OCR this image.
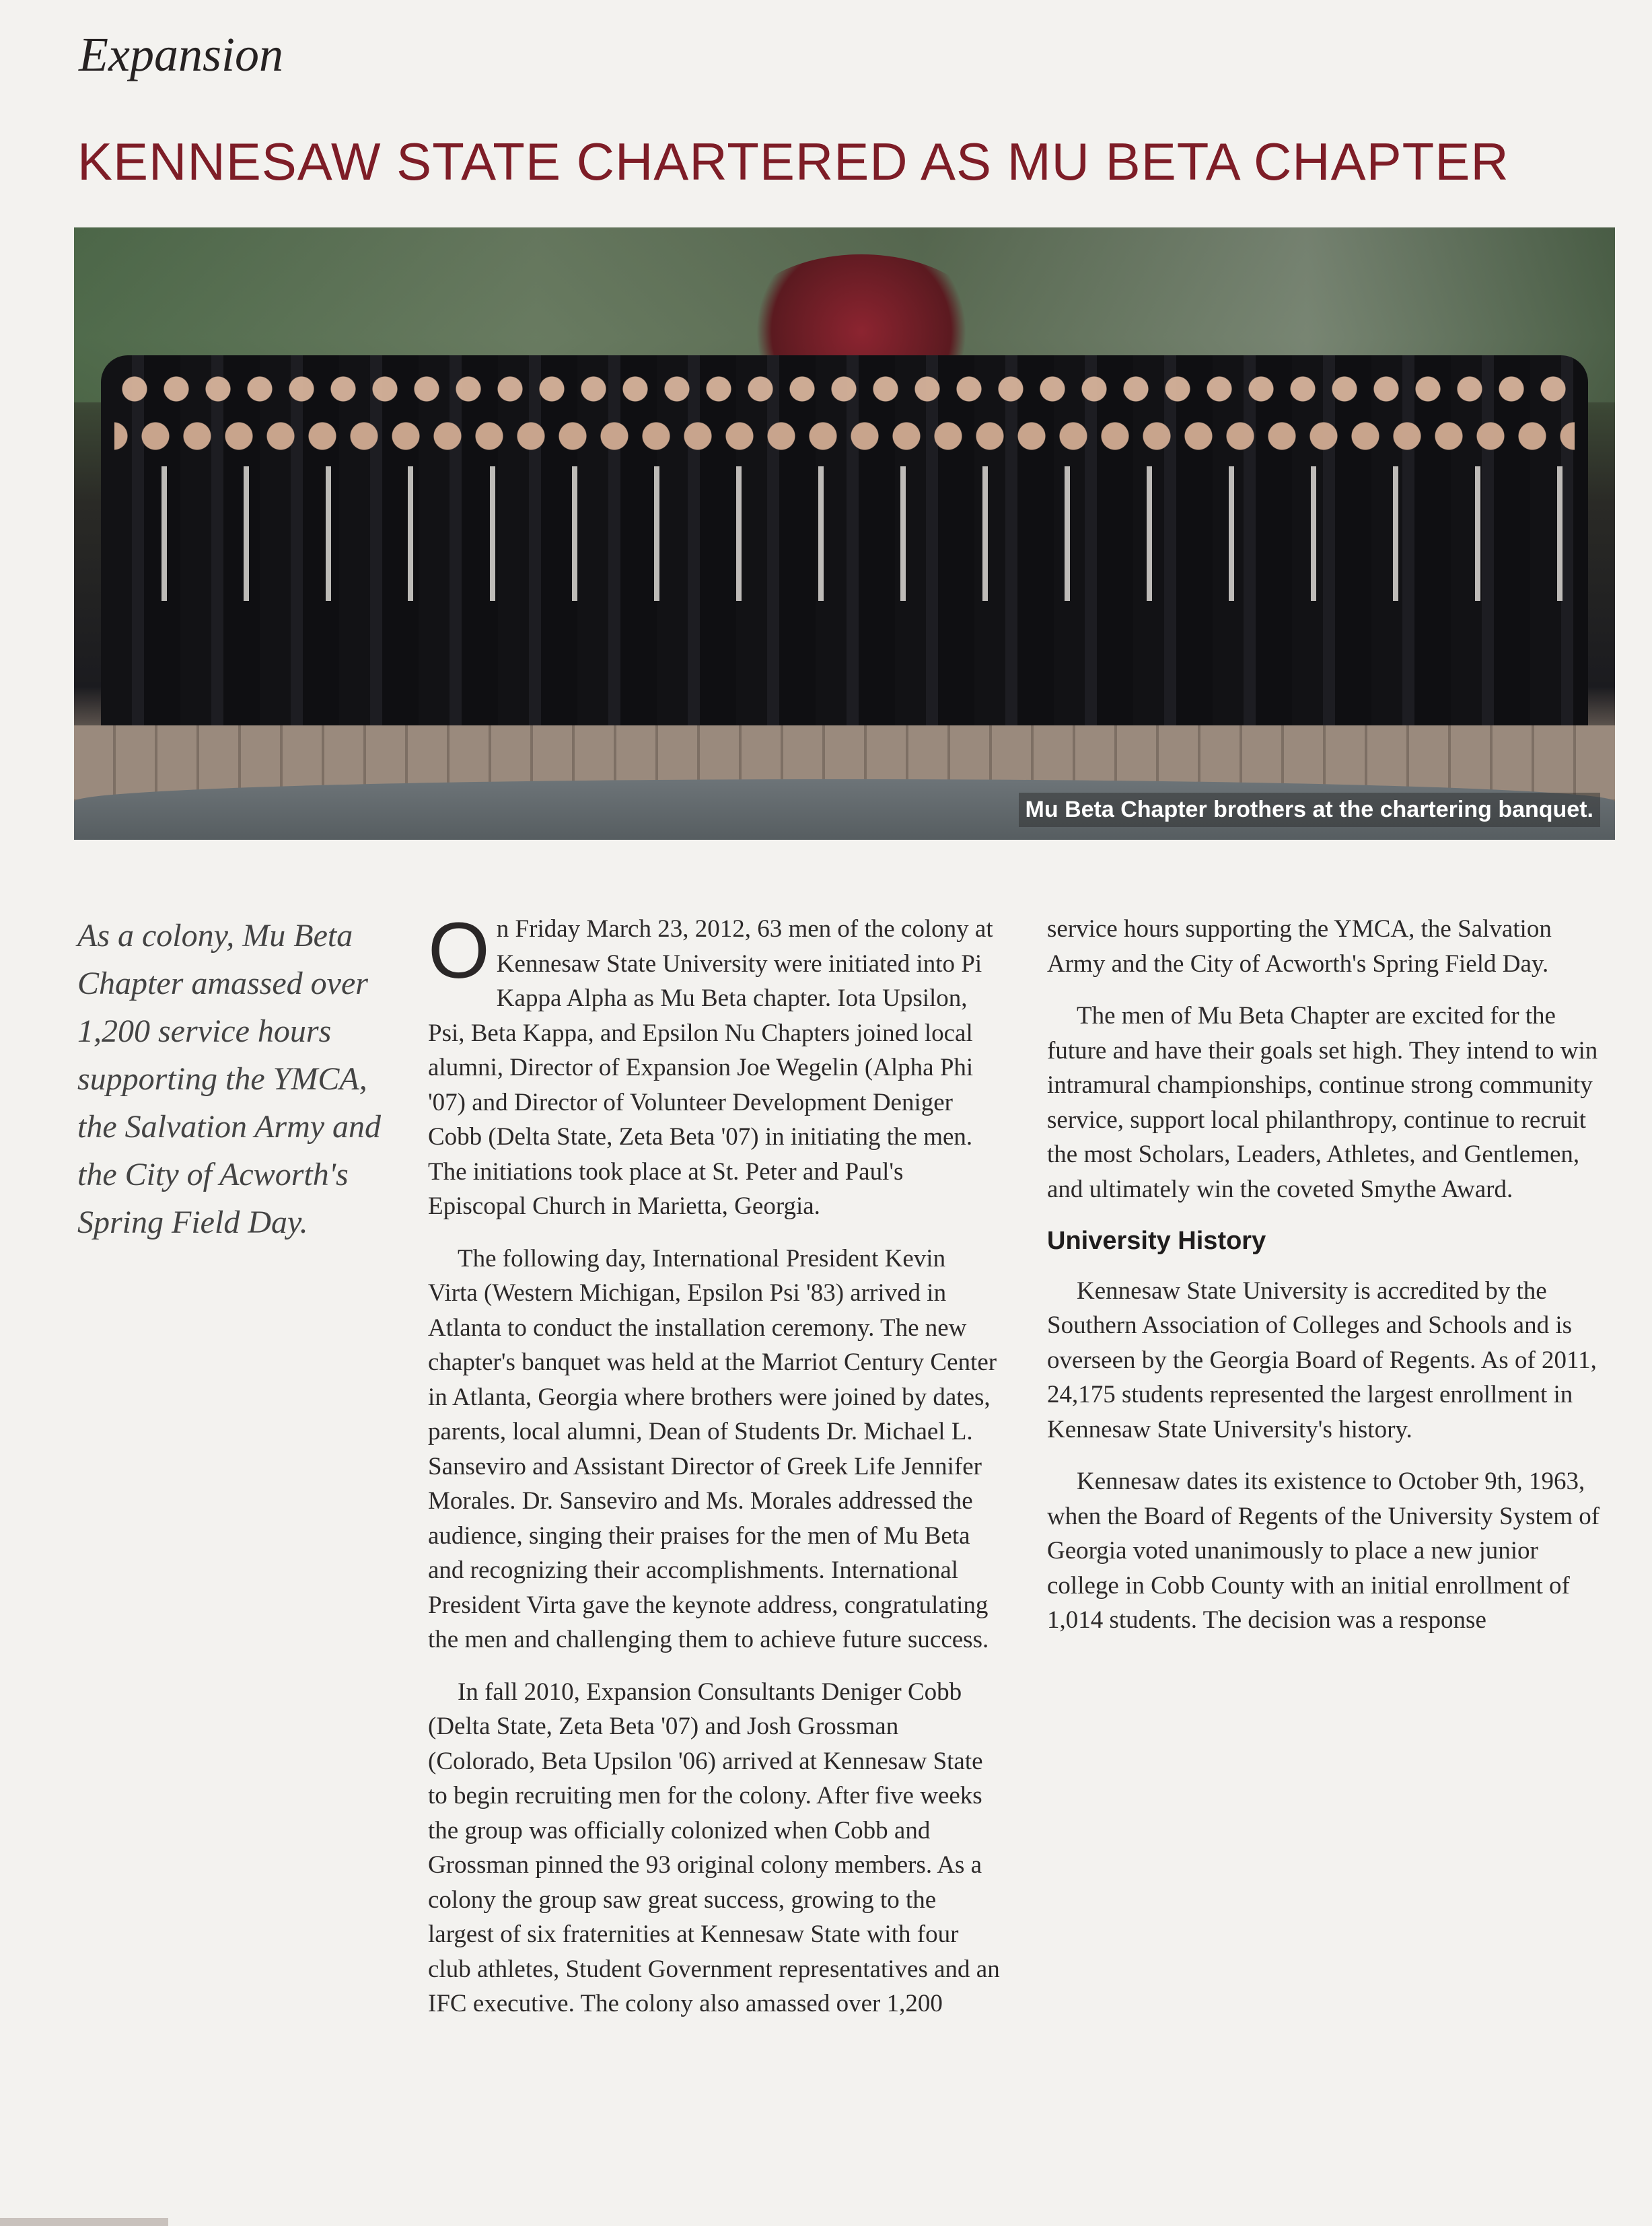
Expansion
KENNESAW STATE CHARTERED AS MU BETA CHAPTER
Mu Beta Chapter brothers at the chartering banquet.

As a colony, Mu Beta Chapter amassed over 1,200 service hours supporting the YMCA, the Salvation Army and the City of Acworth's Spring Field Day.

On Friday March 23, 2012, 63 men of the colony at Kennesaw State University were initiated into Pi Kappa Alpha as Mu Beta chapter. Iota Upsilon, Psi, Beta Kappa, and Epsilon Nu Chapters joined local alumni, Director of Expansion Joe Wegelin (Alpha Phi '07) and Director of Volunteer Development Deniger Cobb (Delta State, Zeta Beta '07) in initiating the men. The initiations took place at St. Peter and Paul's Episcopal Church in Marietta, Georgia.

The following day, International President Kevin Virta (Western Michigan, Epsilon Psi '83) arrived in Atlanta to conduct the installation ceremony. The new chapter's banquet was held at the Marriot Century Center in Atlanta, Georgia where brothers were joined by dates, parents, local alumni, Dean of Students Dr. Michael L. Sanseviro and Assistant Director of Greek Life Jennifer Morales. Dr. Sanseviro and Ms. Morales addressed the audience, singing their praises for the men of Mu Beta and recognizing their accomplishments. International President Virta gave the keynote address, congratulating the men and challenging them to achieve future success.

In fall 2010, Expansion Consultants Deniger Cobb (Delta State, Zeta Beta '07) and Josh Grossman (Colorado, Beta Upsilon '06) arrived at Kennesaw State to begin recruiting men for the colony. After five weeks the group was officially colonized when Cobb and Grossman pinned the 93 original colony members. As a colony the group saw great success, growing to the largest of six fraternities at Kennesaw State with four club athletes, Student Government representatives and an IFC executive. The colony also amassed over 1,200

service hours supporting the YMCA, the Salvation Army and the City of Acworth's Spring Field Day.

The men of Mu Beta Chapter are excited for the future and have their goals set high. They intend to win intramural championships, continue strong community service, support local philanthropy, continue to recruit the most Scholars, Leaders, Athletes, and Gentlemen, and ultimately win the coveted Smythe Award.

University History

Kennesaw State University is accredited by the Southern Association of Colleges and Schools and is overseen by the Georgia Board of Regents. As of 2011, 24,175 students represented the largest enrollment in Kennesaw State University's history.

Kennesaw dates its existence to October 9th, 1963, when the Board of Regents of the University System of Georgia voted unanimously to place a new junior college in Cobb County with an initial enrollment of 1,014 students. The decision was a response
